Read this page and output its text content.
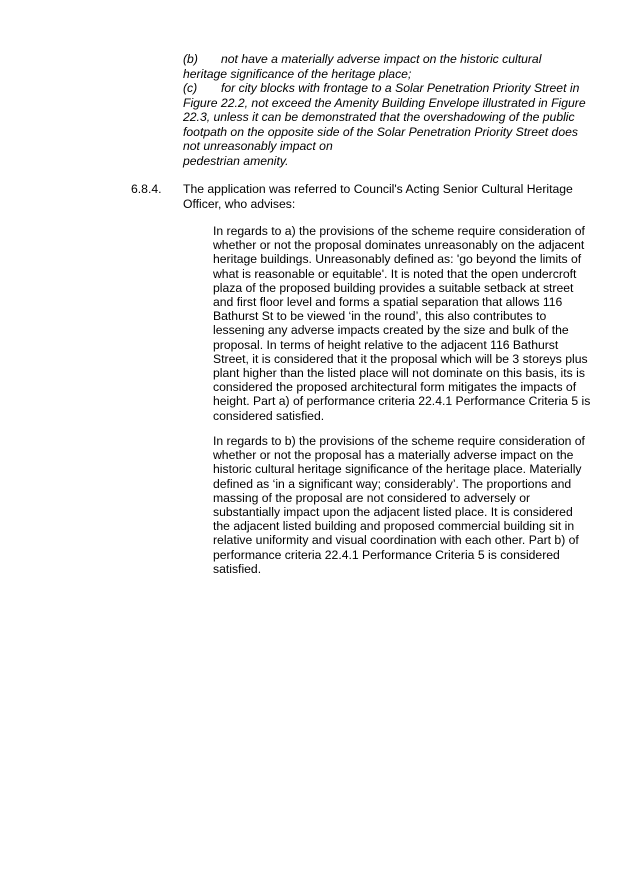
(b) not have a materially adverse impact on the historic cultural
heritage significance of the heritage place;

(c) for city blocks with frontage to a Solar Penetration Priority Street in Figure 22.2, not exceed the Amenity Building Envelope illustrated in Figure 22.3, unless it can be demonstrated that the overshadowing of the public footpath on the opposite side of the Solar Penetration Priority Street does not unreasonably impact on
pedestrian amenity.

6.8.4. The application was referred to Council's Acting Senior Cultural Heritage Officer, who advises:
In regards to a) the provisions of the scheme require consideration of whether or not the proposal dominates unreasonably on the adjacent heritage buildings. Unreasonably defined as: 'go beyond the limits of what is reasonable or equitable'. It is noted that the open undercroft plaza of the proposed building provides a suitable setback at street and first floor level and forms a spatial separation that allows 116 Bathurst St to be viewed ‘in the round’, this also contributes to lessening any adverse impacts created by the size and bulk of the proposal. In terms of height relative to the adjacent 116 Bathurst Street, it is considered that it the proposal which will be 3 storeys plus plant higher than the listed place will not dominate on this basis, its is considered the proposed architectural form mitigates the impacts of height. Part a) of performance criteria 22.4.1 Performance Criteria 5 is considered satisfied.
In regards to b) the provisions of the scheme require consideration of whether or not the proposal has a materially adverse impact on the historic cultural heritage significance of the heritage place. Materially defined as ‘in a significant way; considerably’. The proportions and massing of the proposal are not considered to adversely or substantially impact upon the adjacent listed place. It is considered the adjacent listed building and proposed commercial building sit in relative uniformity and visual coordination with each other. Part b) of performance criteria 22.4.1 Performance Criteria 5 is considered satisfied.
